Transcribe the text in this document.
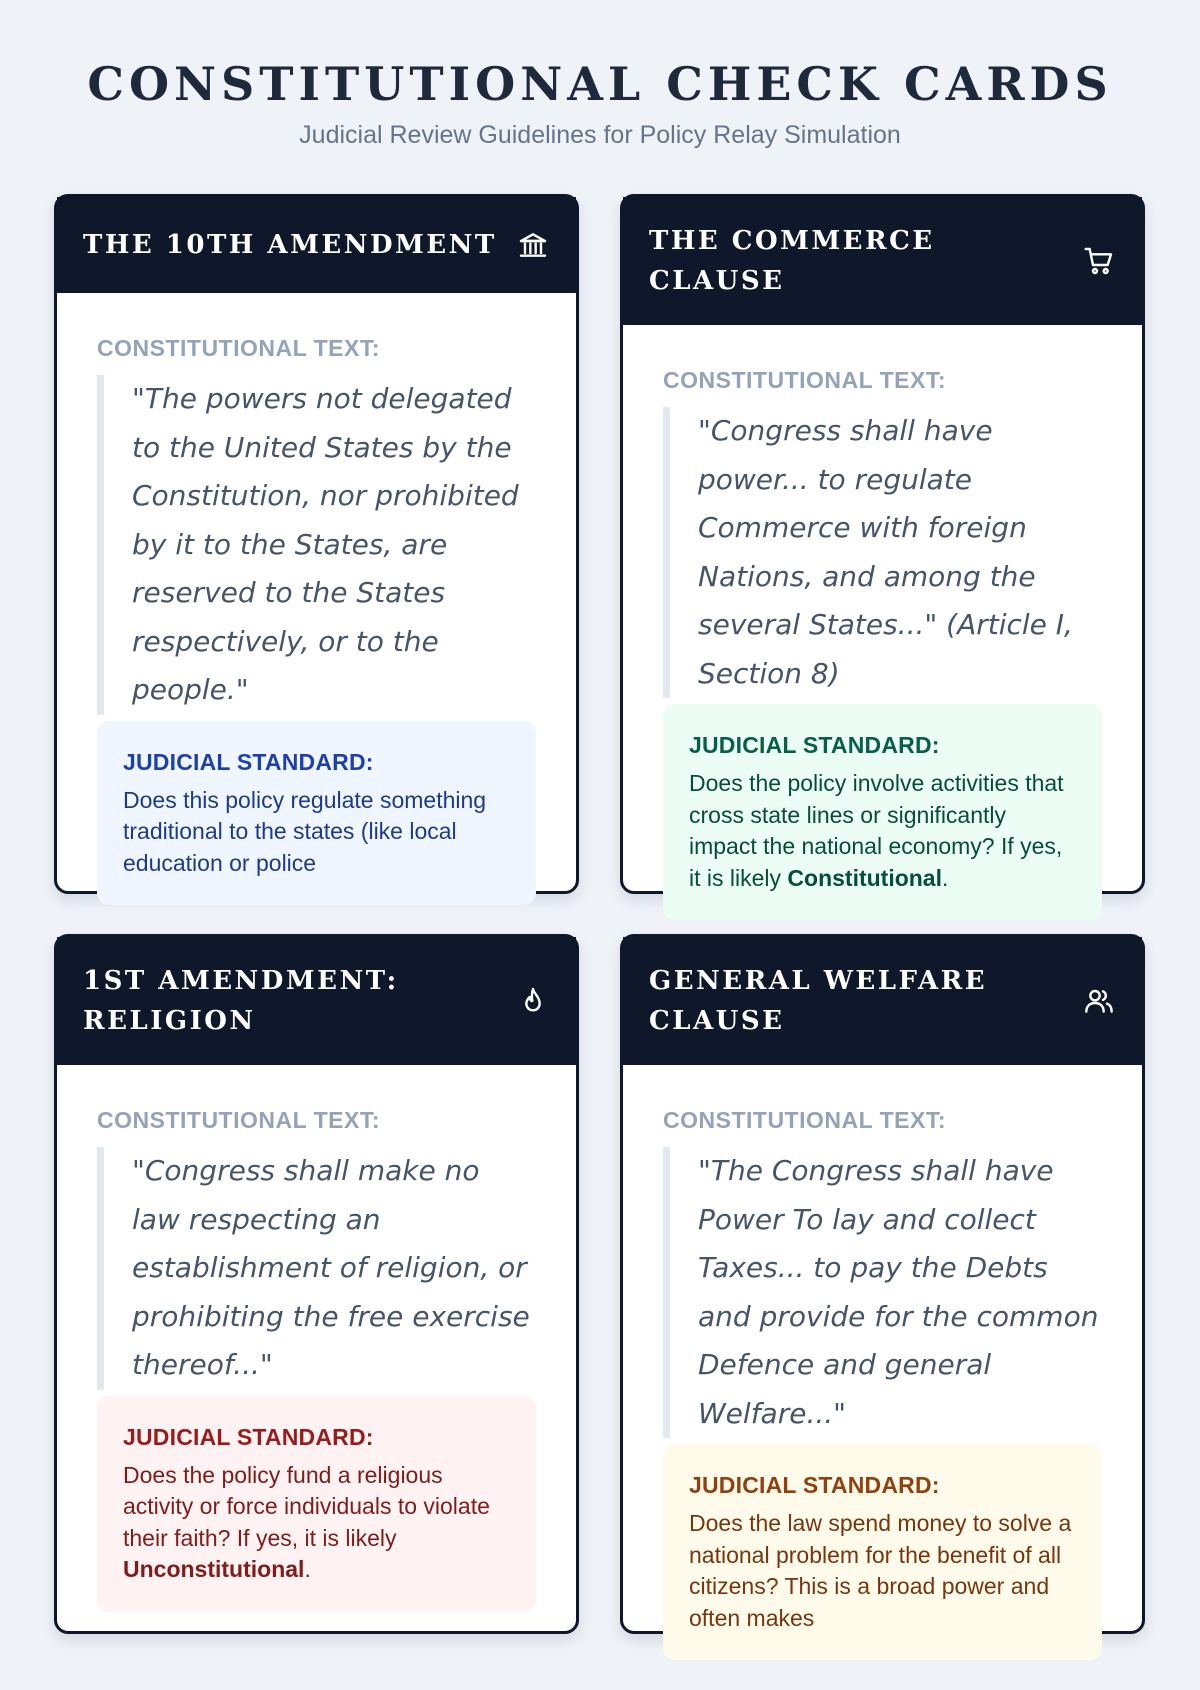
CONSTITUTIONAL CHECK CARDS

Judicial Review Guidelines for Policy Relay Simulation

THE 10TH AMENDMENT
CONSTITUTIONAL TEXT:
"The powers not delegated to the United States by the Constitution, nor prohibited by it to the States, are reserved to the States respectively, or to the people."
JUDICIAL STANDARD:

Does this policy regulate something traditional to the states (like local education or police

THE COMMERCE CLAUSE
CONSTITUTIONAL TEXT:
"Congress shall have power... to regulate Commerce with foreign Nations, and among the several States..." (Article I, Section 8)
JUDICIAL STANDARD:

Does the policy involve activities that cross state lines or significantly impact the national economy? If yes, it is likely Constitutional.

1ST AMENDMENT: RELIGION
CONSTITUTIONAL TEXT:
"Congress shall make no law respecting an establishment of religion, or prohibiting the free exercise thereof..."
JUDICIAL STANDARD:

Does the policy fund a religious activity or force individuals to violate their faith? If yes, it is likely Unconstitutional.

GENERAL WELFARE CLAUSE
CONSTITUTIONAL TEXT:
"The Congress shall have Power To lay and collect Taxes... to pay the Debts and provide for the common Defence and general Welfare..."
JUDICIAL STANDARD:

Does the law spend money to solve a national problem for the benefit of all citizens? This is a broad power and often makes
